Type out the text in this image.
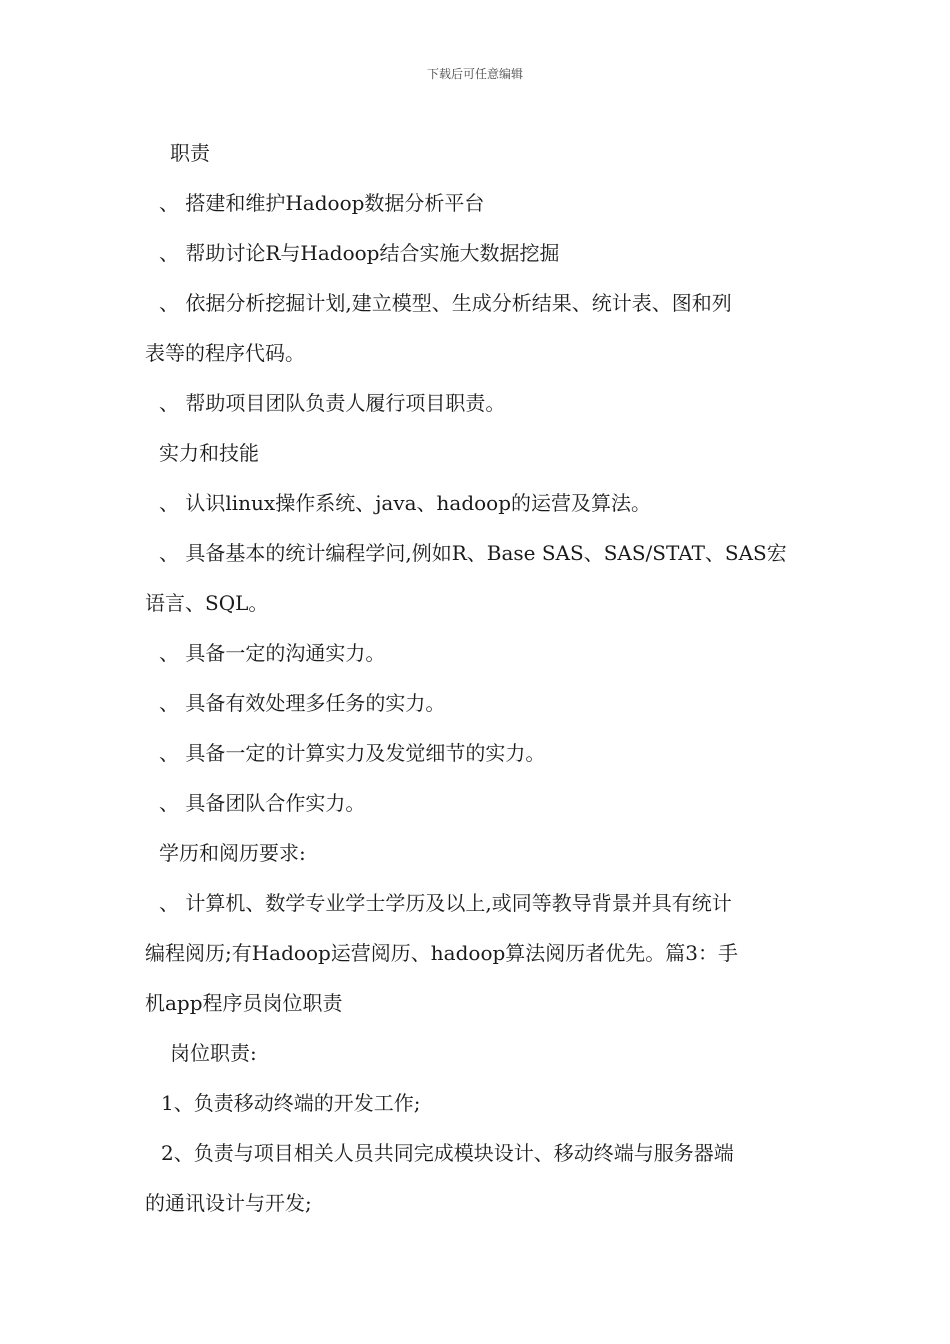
下载后可任意编辑
职责
、 搭建和维护Hadoop数据分析平台
、 帮助讨论R与Hadoop结合实施大数据挖掘
、 依据分析挖掘计划,建立模型、生成分析结果、统计表、图和列
表等的程序代码。
、 帮助项目团队负责人履行项目职责。
实力和技能
、 认识linux操作系统、java、hadoop的运营及算法。
、 具备基本的统计编程学问,例如R、Base SAS、SAS/STAT、SAS宏
语言、SQL。
、 具备一定的沟通实力。
、 具备有效处理多任务的实力。
、 具备一定的计算实力及发觉细节的实力。
、 具备团队合作实力。
学历和阅历要求:
、 计算机、数学专业学士学历及以上,或同等教导背景并具有统计
编程阅历;有Hadoop运营阅历、hadoop算法阅历者优先。篇3：手
机app程序员岗位职责
岗位职责:
1、负责移动终端的开发工作;
2、负责与项目相关人员共同完成模块设计、移动终端与服务器端
的通讯设计与开发;
